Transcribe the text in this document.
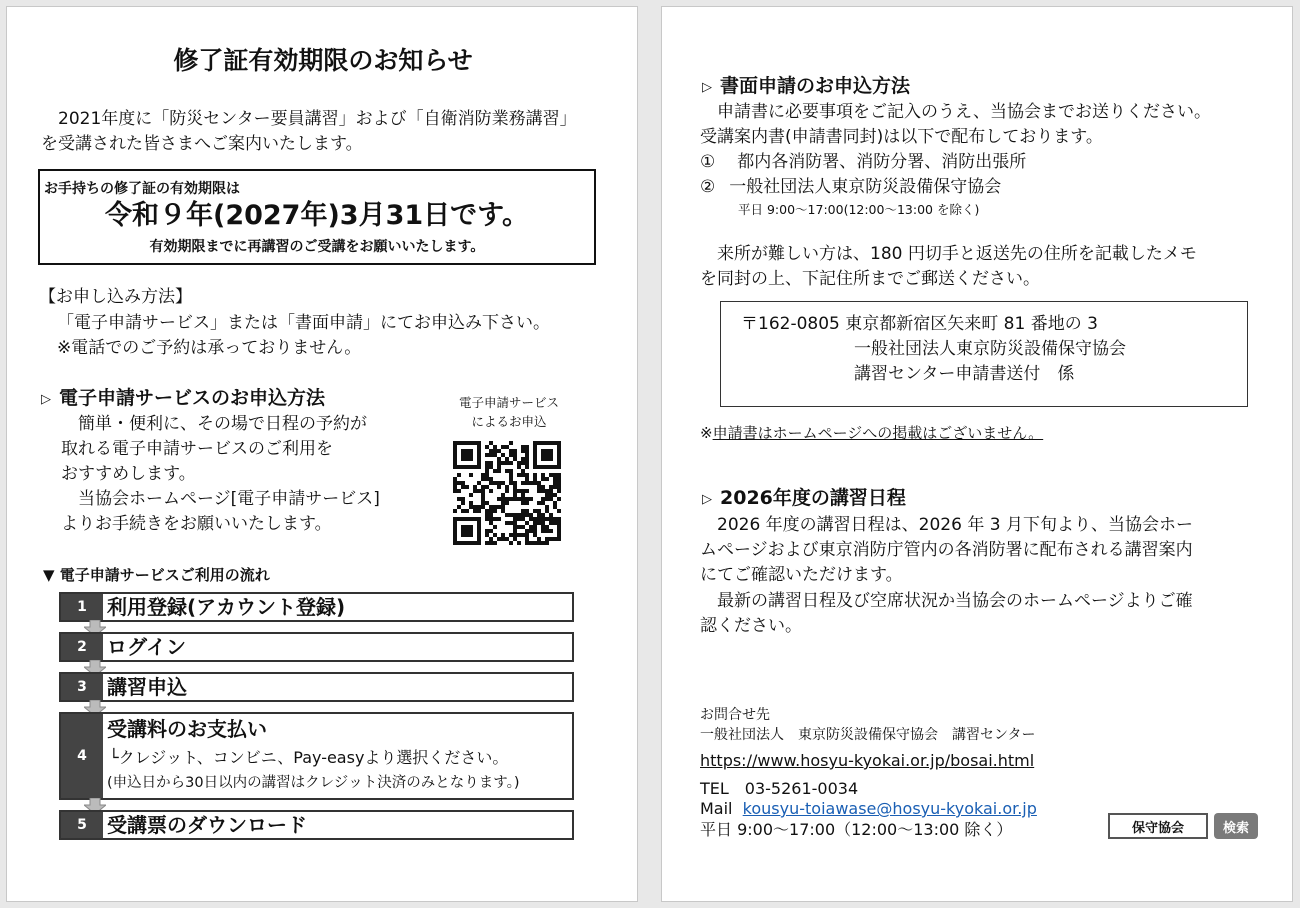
修了証有効期限のお知らせ
　2021年度に「防災センター要員講習」および「自衛消防業務講習」
を受講された皆さまへご案内いたします。
お手持ちの修了証の有効期限は
令和９年(2027年)3月31日です。
有効期限までに再講習のご受講をお願いいたします。
【お申し込み方法】
「電子申請サービス」または「書面申請」にてお申込み下さい。
※電話でのご予約は承っておりません。
▷ 電子申請サービスのお申込方法
　簡単・便利に、その場で日程の予約が
取れる電子申請サービスのご利用を
おすすめします。
　当協会ホームページ[電子申請サービス]
よりお手続きをお願いいたします。
電子申請サービス
によるお申込
▼ 電子申請サービスご利用の流れ
1	利用登録(アカウント登録)
2	ログイン
3	講習申込
4
受講料のお支払い
└クレジット、コンビニ、Pay-easyより選択ください。
(申込日から30日以内の講習はクレジット決済のみとなります。)
5	受講票のダウンロード
▷ 書面申請のお申込方法
　申請書に必要事項をご記入のうえ、当協会までお送りください。
受講案内書(申請書同封)は以下で配布しております。
① 都内各消防署、消防分署、消防出張所
② 一般社団法人東京防災設備保守協会
平日 9:00～17:00(12:00～13:00 を除く)
　来所が難しい方は、180 円切手と返送先の住所を記載したメモ
を同封の上、下記住所までご郵送ください。
〒162-0805 東京都新宿区矢来町 81 番地の 3
一般社団法人東京防災設備保守協会
講習センター申請書送付　係
※申請書はホームページへの掲載はございません。
▷ 2026年度の講習日程
　2026 年度の講習日程は、2026 年 3 月下旬より、当協会ホー
ムページおよび東京消防庁管内の各消防署に配布される講習案内
にてご確認いただけます。
　最新の講習日程及び空席状況か当協会のホームページよりご確
認ください。
お問合せ先
一般社団法人　東京防災設備保守協会　講習センター
https://www.hosyu-kyokai.or.jp/bosai.html
TEL　03-5261-0034
Mail kousyu-toiawase@hosyu-kyokai.or.jp
平日 9:00～17:00（12:00～13:00 除く）	保守協会	検索
